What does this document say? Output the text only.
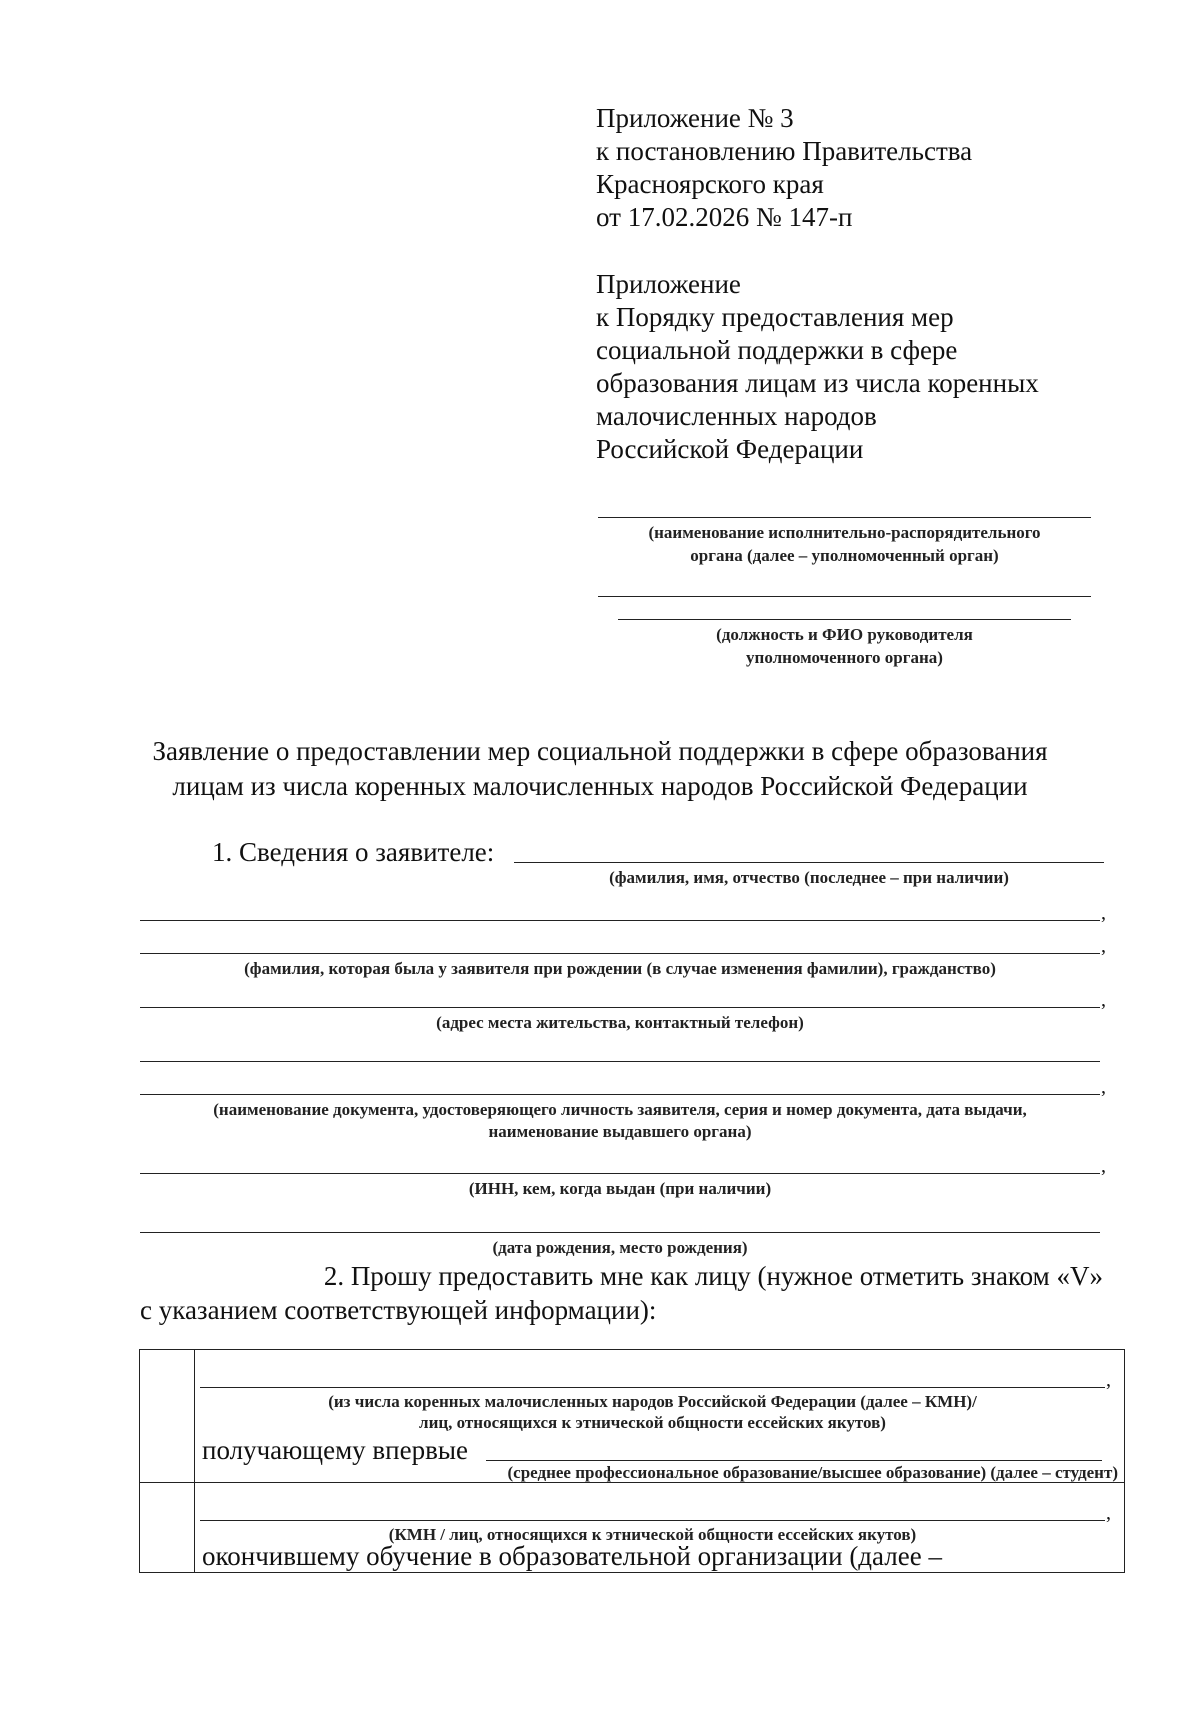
Приложение № 3
к постановлению Правительства
Красноярского края
от 17.02.2026 № 147-п
Приложение
к Порядку предоставления мер
социальной поддержки в сфере
образования лицам из числа коренных
малочисленных народов
Российской Федерации
(наименование исполнительно-распорядительного
органа (далее – уполномоченный орган)
(должность и ФИО руководителя
уполномоченного органа)
Заявление о предоставлении мер социальной поддержки в сфере образования
лицам из числа коренных малочисленных народов Российской Федерации
1. Сведения о заявителе:
(фамилия, имя, отчество (последнее – при наличии)
,
,
(фамилия, которая была у заявителя при рождении (в случае изменения фамилии), гражданство)
,
(адрес места жительства, контактный телефон)
,
(наименование документа, удостоверяющего личность заявителя, серия и номер документа, дата выдачи,
наименование выдавшего органа)
,
(ИНН, кем, когда выдан (при наличии)
(дата рождения, место рождения)
2. Прошу предоставить мне как лицу (нужное отметить знаком «V»
с указанием соответствующей информации):
,
(из числа коренных малочисленных народов Российской Федерации (далее – КМН)/
лиц, относящихся к этнической общности ессейских якутов)
получающему впервые
(среднее профессиональное образование/высшее образование) (далее – студент)
,
(КМН / лиц, относящихся к этнической общности ессейских якутов)
окончившему обучение в образовательной организации (далее –
